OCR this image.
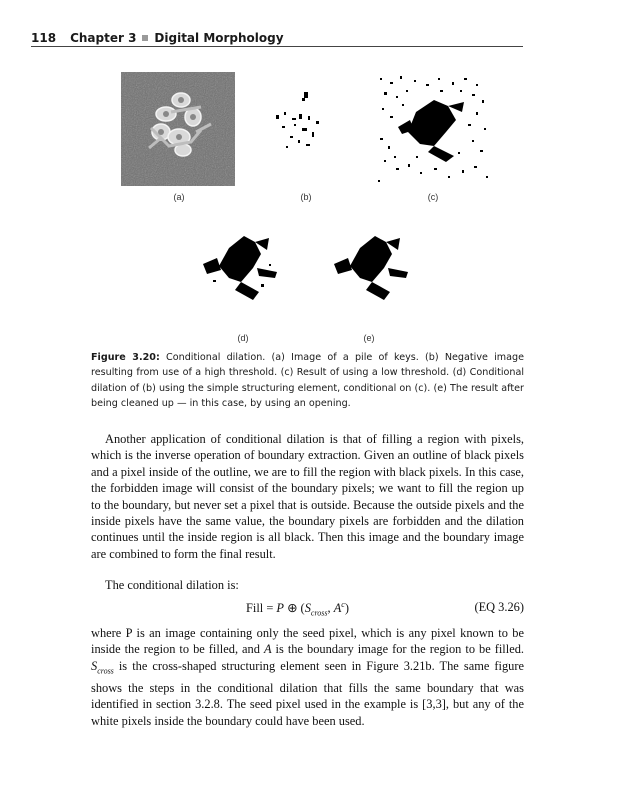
118 Chapter 3 Digital Morphology
(a)	(b)	(c)
(d)	(e)
Figure 3.20: Conditional dilation. (a) Image of a pile of keys. (b) Negative image resulting from use of a high threshold. (c) Result of using a low threshold. (d) Conditional dilation of (b) using the simple structuring element, conditional on (c). (e) The result after being cleaned up — in this case, by using an opening.

Another application of conditional dilation is that of filling a region with pixels, which is the inverse operation of boundary extraction. Given an outline of black pixels and a pixel inside of the outline, we are to fill the region with black pixels. In this case, the forbidden image will consist of the boundary pixels; we want to fill the region up to the boundary, but never set a pixel that is outside. Because the outside pixels and the inside pixels have the same value, the boundary pixels are forbidden and the dilation continues until the inside region is all black. Then this image and the boundary image are combined to form the final result.

The conditional dilation is:

Fill = P ⊕ ($S_{cross}$, $A^c$)	(EQ 3.26)

where P is an image containing only the seed pixel, which is any pixel known to be inside the region to be filled, and A is the boundary image for the region to be filled. $S_{cross}$ is the cross-shaped structuring element seen in Figure 3.21b. The same figure shows the steps in the conditional dilation that fills the same boundary that was identified in section 3.2.8. The seed pixel used in the example is [3,3], but any of the white pixels inside the boundary could have been used.
